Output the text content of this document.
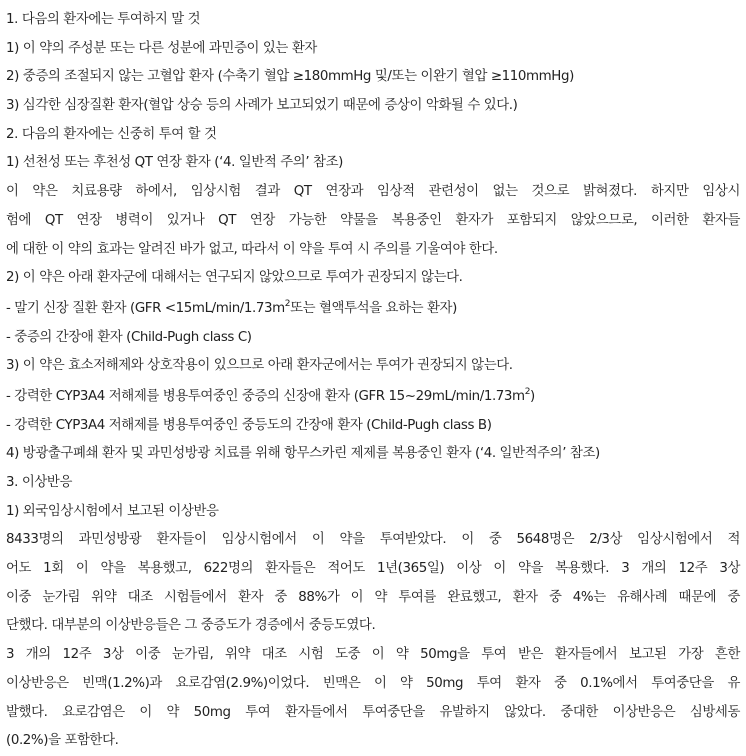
1. 다음의 환자에는 투여하지 말 것
1) 이 약의 주성분 또는 다른 성분에 과민증이 있는 환자
2) 중증의 조절되지 않는 고혈압 환자 (수축기 혈압 ≥180mmHg 및/또는 이완기 혈압 ≥110mmHg)
3) 심각한 심장질환 환자(혈압 상승 등의 사례가 보고되었기 때문에 증상이 악화될 수 있다.)
2. 다음의 환자에는 신중히 투여 할 것
1) 선천성 또는 후천성 QT 연장 환자 (‘4. 일반적 주의’ 참조)
이 약은 치료용량 하에서, 임상시험 결과 QT 연장과 임상적 관련성이 없는 것으로 밝혀졌다. 하지만 임상시
험에 QT 연장 병력이 있거나 QT 연장 가능한 약물을 복용중인 환자가 포함되지 않았으므로, 이러한 환자들
에 대한 이 약의 효과는 알려진 바가 없고, 따라서 이 약을 투여 시 주의를 기울여야 한다.
2) 이 약은 아래 환자군에 대해서는 연구되지 않았으므로 투여가 권장되지 않는다.
- 말기 신장 질환 환자 ($GFR <15mL/\min/1.73m^2$또는 혈액투석을 요하는 환자)
- 중증의 간장애 환자 (Child-Pugh class C)
3) 이 약은 효소저해제와 상호작용이 있으므로 아래 환자군에서는 투여가 권장되지 않는다.
- 강력한 CYP3A4 저해제를 병용투여중인 중증의 신장애 환자 (GFR $15\sim 29mL/\min/1.73m^2$)
- 강력한 CYP3A4 저해제를 병용투여중인 중등도의 간장애 환자 (Child-Pugh class B)
4) 방광출구폐쇄 환자 및 과민성방광 치료를 위해 항무스카린 제제를 복용중인 환자 (‘4. 일반적주의’ 참조)
3. 이상반응
1) 외국임상시험에서 보고된 이상반응
8433명의 과민성방광 환자들이 임상시험에서 이 약을 투여받았다. 이 중 5648명은 2/3상 임상시험에서 적
어도 1회 이 약을 복용했고, 622명의 환자들은 적어도 1년(365일) 이상 이 약을 복용했다. 3 개의 12주 3상
이중 눈가림 위약 대조 시험들에서 환자 중 88%가 이 약 투여를 완료했고, 환자 중 4%는 유해사례 때문에 중
단했다. 대부분의 이상반응들은 그 중증도가 경증에서 중등도였다.
3 개의 12주 3상 이중 눈가림, 위약 대조 시험 도중 이 약 50mg을 투여 받은 환자들에서 보고된 가장 흔한
이상반응은 빈맥(1.2%)과 요로감염(2.9%)이었다. 빈맥은 이 약 50mg 투여 환자 중 0.1%에서 투여중단을 유
발했다. 요로감염은 이 약 50mg 투여 환자들에서 투여중단을 유발하지 않았다. 중대한 이상반응은 심방세동
(0.2%)을 포함한다.
